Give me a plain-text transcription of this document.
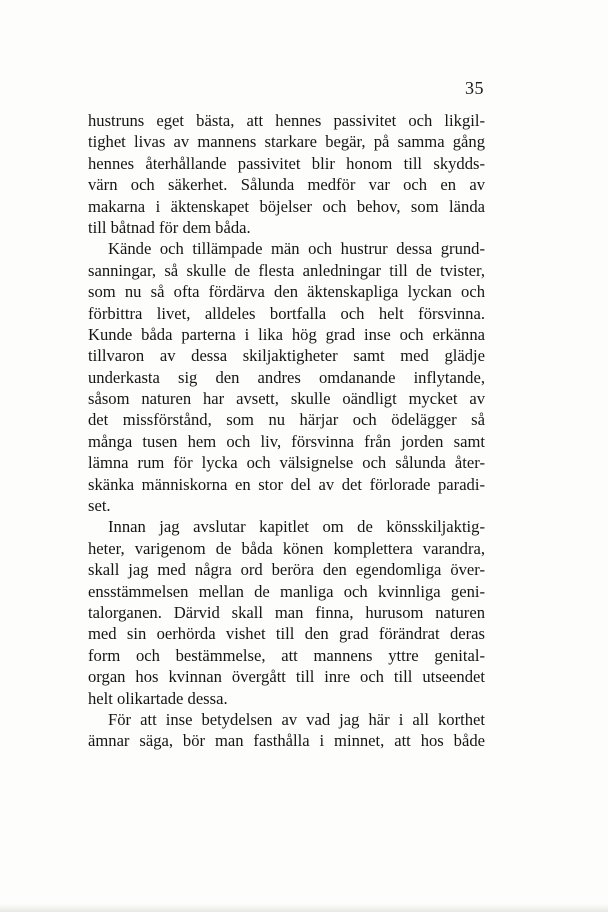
35
hustruns eget bästa, att hennes passivitet och likgil-
tighet livas av mannens starkare begär, på samma gång
hennes återhållande passivitet blir honom till skydds-
värn och säkerhet. Sålunda medför var och en av
makarna i äktenskapet böjelser och behov, som lända
till båtnad för dem båda.
Kände och tillämpade män och hustrur dessa grund-
sanningar, så skulle de flesta anledningar till de tvister,
som nu så ofta fördärva den äktenskapliga lyckan och
förbittra livet, alldeles bortfalla och helt försvinna.
Kunde båda parterna i lika hög grad inse och erkänna
tillvaron av dessa skiljaktigheter samt med glädje
underkasta sig den andres omdanande inflytande,
såsom naturen har avsett, skulle oändligt mycket av
det missförstånd, som nu härjar och ödelägger så
många tusen hem och liv, försvinna från jorden samt
lämna rum för lycka och välsignelse och sålunda åter-
skänka människorna en stor del av det förlorade paradi-
set.
Innan jag avslutar kapitlet om de könsskiljaktig-
heter, varigenom de båda könen komplettera varandra,
skall jag med några ord beröra den egendomliga över-
ensstämmelsen mellan de manliga och kvinnliga geni-
talorganen. Därvid skall man finna, hurusom naturen
med sin oerhörda vishet till den grad förändrat deras
form och bestämmelse, att mannens yttre genital-
organ hos kvinnan övergått till inre och till utseendet
helt olikartade dessa.
För att inse betydelsen av vad jag här i all korthet
ämnar säga, bör man fasthålla i minnet, att hos både
